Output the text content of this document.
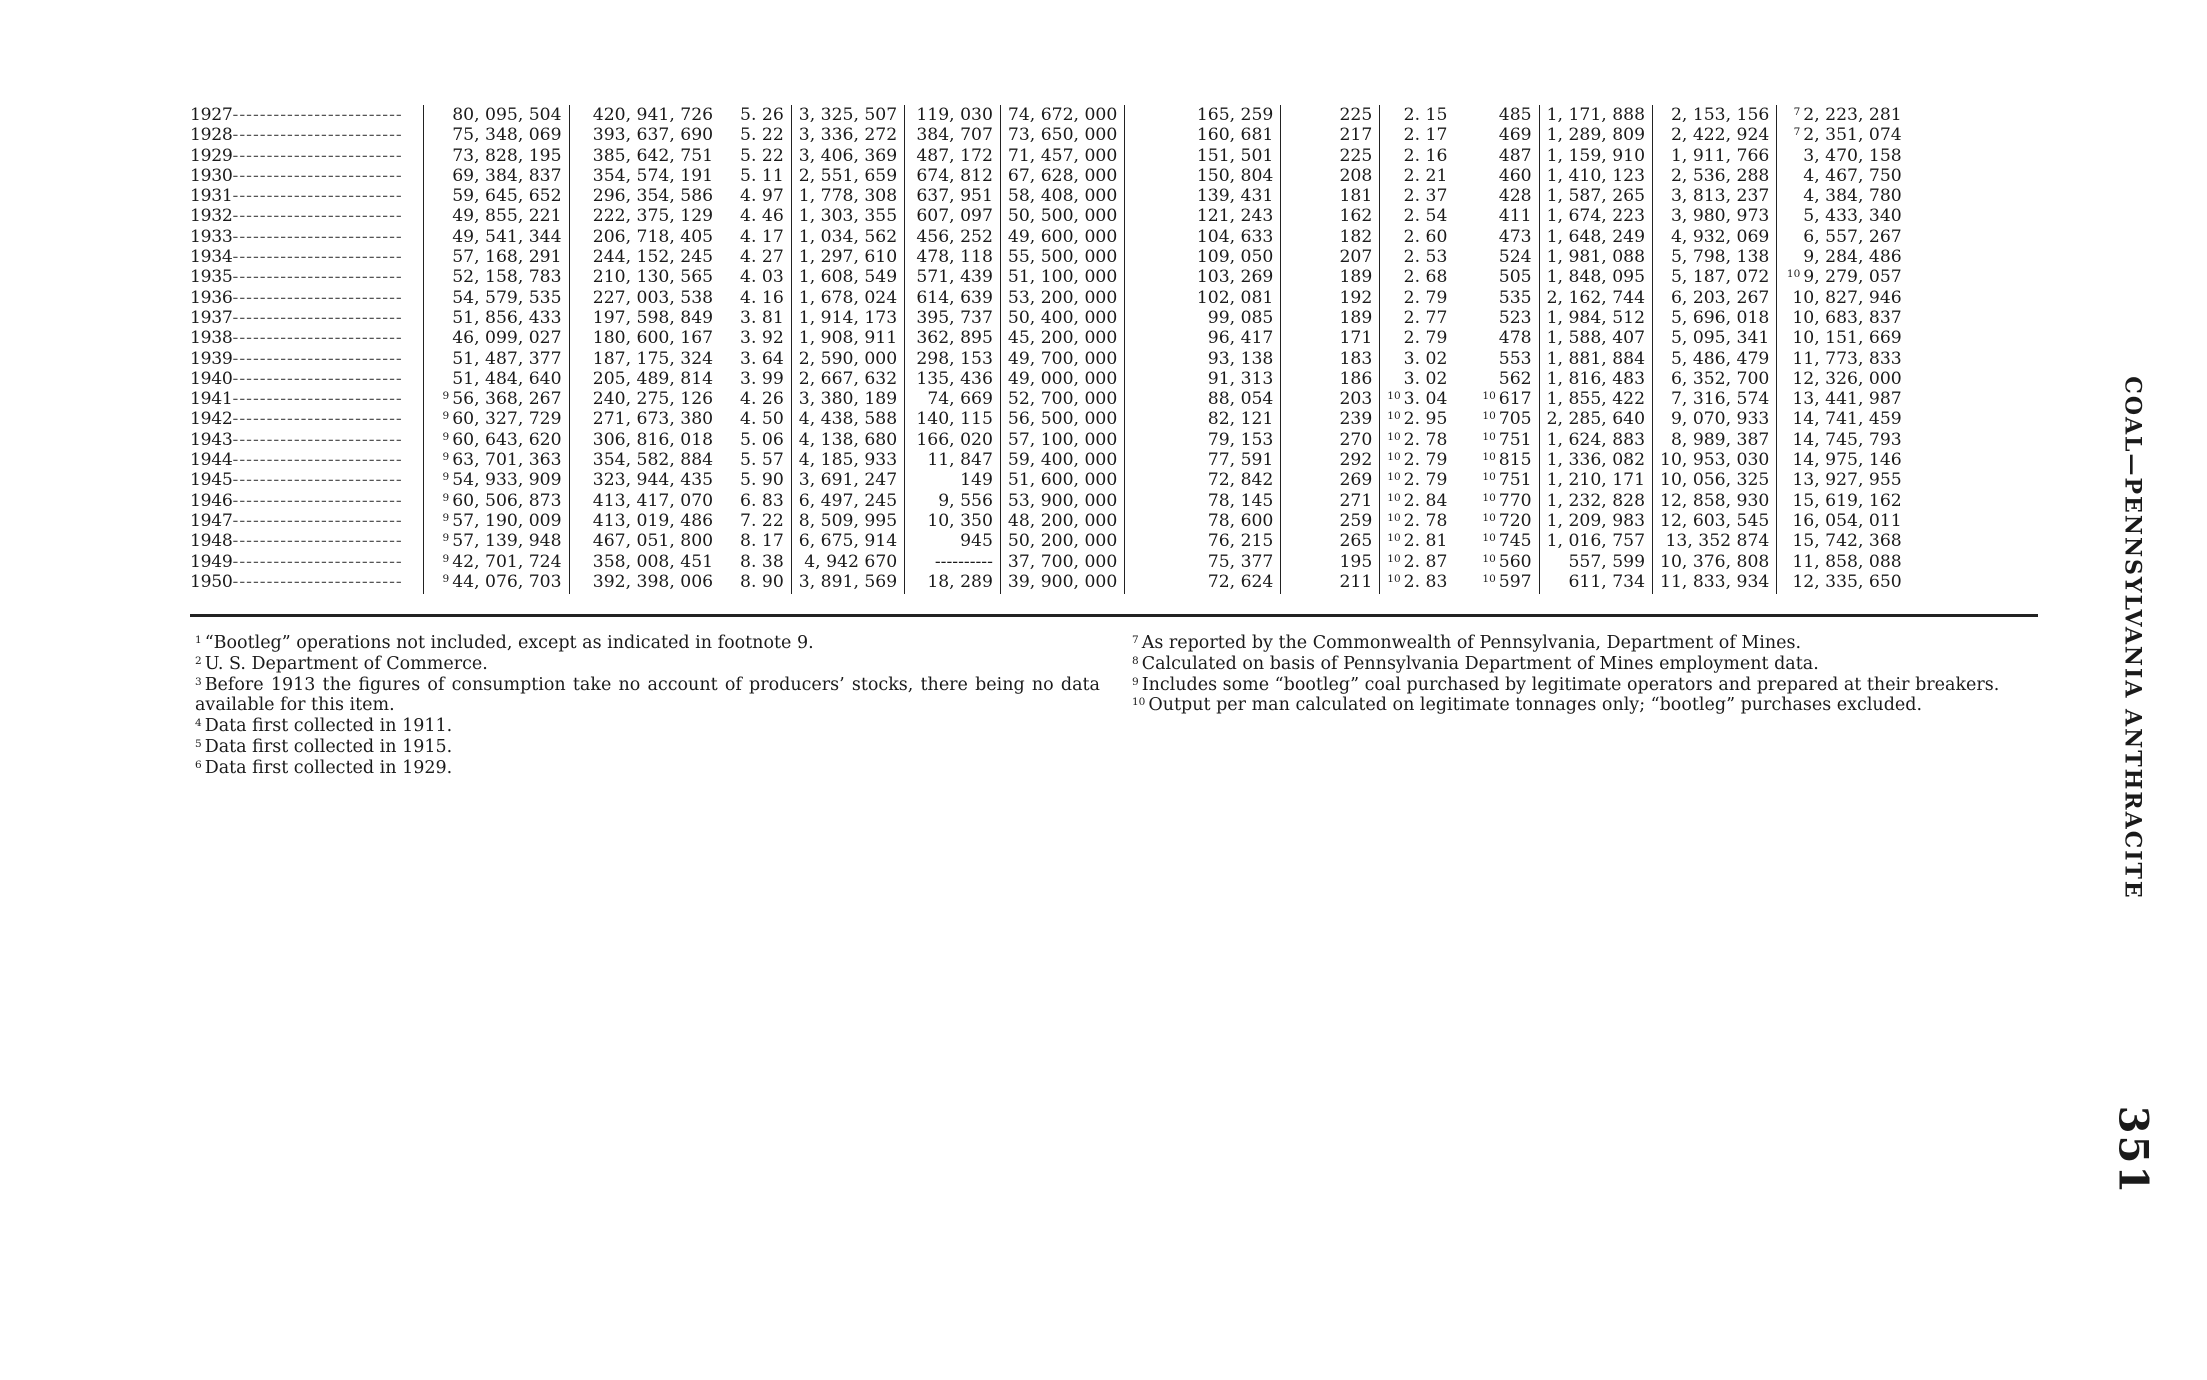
1927-------------------------	80, 095, 504	420, 941, 726	5. 26	3, 325, 507	119, 030	74, 672, 000	165, 259	225	2. 15	485	1, 171, 888	2, 153, 156	$^7$ 2, 223, 281
1928-------------------------	75, 348, 069	393, 637, 690	5. 22	3, 336, 272	384, 707	73, 650, 000	160, 681	217	2. 17	469	1, 289, 809	2, 422, 924	$^7$ 2, 351, 074
1929-------------------------	73, 828, 195	385, 642, 751	5. 22	3, 406, 369	487, 172	71, 457, 000	151, 501	225	2. 16	487	1, 159, 910	1, 911, 766	3, 470, 158
1930-------------------------	69, 384, 837	354, 574, 191	5. 11	2, 551, 659	674, 812	67, 628, 000	150, 804	208	2. 21	460	1, 410, 123	2, 536, 288	4, 467, 750
1931-------------------------	59, 645, 652	296, 354, 586	4. 97	1, 778, 308	637, 951	58, 408, 000	139, 431	181	2. 37	428	1, 587, 265	3, 813, 237	4, 384, 780
1932-------------------------	49, 855, 221	222, 375, 129	4. 46	1, 303, 355	607, 097	50, 500, 000	121, 243	162	2. 54	411	1, 674, 223	3, 980, 973	5, 433, 340
1933-------------------------	49, 541, 344	206, 718, 405	4. 17	1, 034, 562	456, 252	49, 600, 000	104, 633	182	2. 60	473	1, 648, 249	4, 932, 069	6, 557, 267
1934-------------------------	57, 168, 291	244, 152, 245	4. 27	1, 297, 610	478, 118	55, 500, 000	109, 050	207	2. 53	524	1, 981, 088	5, 798, 138	9, 284, 486
1935-------------------------	52, 158, 783	210, 130, 565	4. 03	1, 608, 549	571, 439	51, 100, 000	103, 269	189	2. 68	505	1, 848, 095	5, 187, 072	$^{10}$ 9, 279, 057
1936-------------------------	54, 579, 535	227, 003, 538	4. 16	1, 678, 024	614, 639	53, 200, 000	102, 081	192	2. 79	535	2, 162, 744	6, 203, 267	10, 827, 946
1937-------------------------	51, 856, 433	197, 598, 849	3. 81	1, 914, 173	395, 737	50, 400, 000	99, 085	189	2. 77	523	1, 984, 512	5, 696, 018	10, 683, 837
1938-------------------------	46, 099, 027	180, 600, 167	3. 92	1, 908, 911	362, 895	45, 200, 000	96, 417	171	2. 79	478	1, 588, 407	5, 095, 341	10, 151, 669
1939-------------------------	51, 487, 377	187, 175, 324	3. 64	2, 590, 000	298, 153	49, 700, 000	93, 138	183	3. 02	553	1, 881, 884	5, 486, 479	11, 773, 833
1940-------------------------	51, 484, 640	205, 489, 814	3. 99	2, 667, 632	135, 436	49, 000, 000	91, 313	186	3. 02	562	1, 816, 483	6, 352, 700	12, 326, 000
1941-------------------------	$^9$ 56, 368, 267	240, 275, 126	4. 26	3, 380, 189	74, 669	52, 700, 000	88, 054	203	$^{10}$ 3. 04	$^{10}$ 617	1, 855, 422	7, 316, 574	13, 441, 987
1942-------------------------	$^9$ 60, 327, 729	271, 673, 380	4. 50	4, 438, 588	140, 115	56, 500, 000	82, 121	239	$^{10}$ 2. 95	$^{10}$ 705	2, 285, 640	9, 070, 933	14, 741, 459
1943-------------------------	$^9$ 60, 643, 620	306, 816, 018	5. 06	4, 138, 680	166, 020	57, 100, 000	79, 153	270	$^{10}$ 2. 78	$^{10}$ 751	1, 624, 883	8, 989, 387	14, 745, 793
1944-------------------------	$^9$ 63, 701, 363	354, 582, 884	5. 57	4, 185, 933	11, 847	59, 400, 000	77, 591	292	$^{10}$ 2. 79	$^{10}$ 815	1, 336, 082	10, 953, 030	14, 975, 146
1945-------------------------	$^9$ 54, 933, 909	323, 944, 435	5. 90	3, 691, 247	149	51, 600, 000	72, 842	269	$^{10}$ 2. 79	$^{10}$ 751	1, 210, 171	10, 056, 325	13, 927, 955
1946-------------------------	$^9$ 60, 506, 873	413, 417, 070	6. 83	6, 497, 245	9, 556	53, 900, 000	78, 145	271	$^{10}$ 2. 84	$^{10}$ 770	1, 232, 828	12, 858, 930	15, 619, 162
1947-------------------------	$^9$ 57, 190, 009	413, 019, 486	7. 22	8, 509, 995	10, 350	48, 200, 000	78, 600	259	$^{10}$ 2. 78	$^{10}$ 720	1, 209, 983	12, 603, 545	16, 054, 011
1948-------------------------	$^9$ 57, 139, 948	467, 051, 800	8. 17	6, 675, 914	945	50, 200, 000	76, 215	265	$^{10}$ 2. 81	$^{10}$ 745	1, 016, 757	13, 352 874	15, 742, 368
1949-------------------------	$^9$ 42, 701, 724	358, 008, 451	8. 38	4, 942 670	----------	37, 700, 000	75, 377	195	$^{10}$ 2. 87	$^{10}$ 560	557, 599	10, 376, 808	11, 858, 088
1950-------------------------	$^9$ 44, 076, 703	392, 398, 006	8. 90	3, 891, 569	18, 289	39, 900, 000	72, 624	211	$^{10}$ 2. 83	$^{10}$ 597	611, 734	11, 833, 934	12, 335, 650
$^1$ “Bootleg” operations not included, except as indicated in footnote 9.
$^2$ U. S. Department of Commerce.
$^3$ Before 1913 the figures of consumption take no account of producers’ stocks, there being no data available for this item.
$^4$ Data first collected in 1911.
$^5$ Data first collected in 1915.
$^6$ Data first collected in 1929.
$^7$ As reported by the Commonwealth of Pennsylvania, Department of Mines.
$^8$ Calculated on basis of Pennsylvania Department of Mines employment data.
$^9$ Includes some “bootleg” coal purchased by legitimate operators and prepared at their breakers.
$^{10}$ Output per man calculated on legitimate tonnages only; “bootleg” purchases excluded.	COAL—PENNSYLVANIA ANTHRACITE
351
